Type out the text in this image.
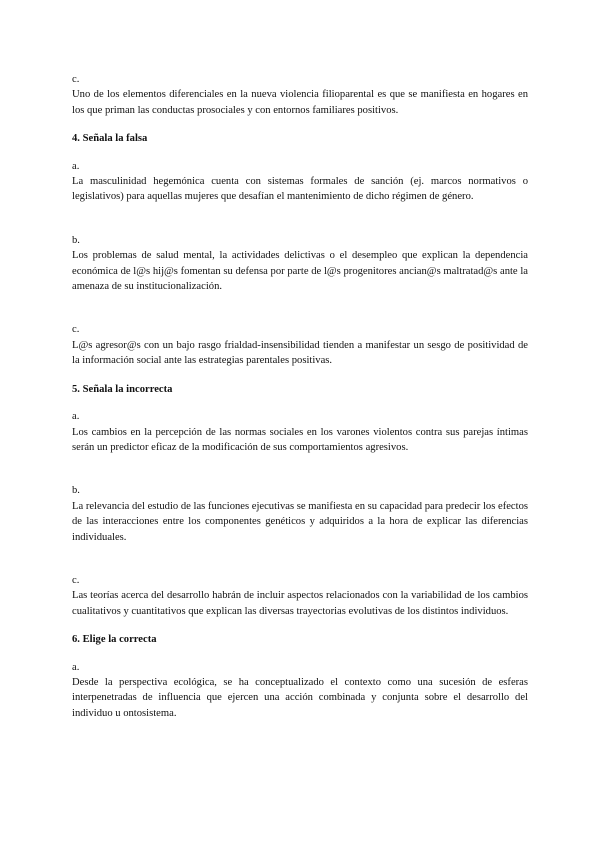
c.
Uno de los elementos diferenciales en la nueva violencia filioparental es que se manifiesta en hogares en los que priman las conductas prosociales y con entornos familiares positivos.
4. Señala la falsa
a.
La masculinidad hegemónica cuenta con sistemas formales de sanción (ej. marcos normativos o legislativos) para aquellas mujeres que desafían el mantenimiento de dicho régimen de género.
b.
Los problemas de salud mental, la actividades delictivas o el desempleo que explican la dependencia económica de l@s hij@s fomentan su defensa por parte de l@s progenitores ancian@s maltratad@s ante la amenaza de su institucionalización.
c.
L@s agresor@s con un bajo rasgo frialdad-insensibilidad tienden a manifestar un sesgo de positividad de la información social ante las estrategias parentales positivas.
5. Señala la incorrecta
a.
Los cambios en la percepción de las normas sociales en los varones violentos contra sus parejas íntimas serán un predictor eficaz de la modificación de sus comportamientos agresivos.
b.
La relevancia del estudio de las funciones ejecutivas se manifiesta en su capacidad para predecir los efectos de las interacciones entre los componentes genéticos y adquiridos a la hora de explicar las diferencias individuales.
c.
Las teorías acerca del desarrollo habrán de incluir aspectos relacionados con la variabilidad de los cambios cualitativos y cuantitativos que explican las diversas trayectorias evolutivas de los distintos individuos.
6. Elige la correcta
a.
Desde la perspectiva ecológica, se ha conceptualizado el contexto como una sucesión de esferas interpenetradas de influencia que ejercen una acción combinada y conjunta sobre el desarrollo del individuo u ontosistema.
